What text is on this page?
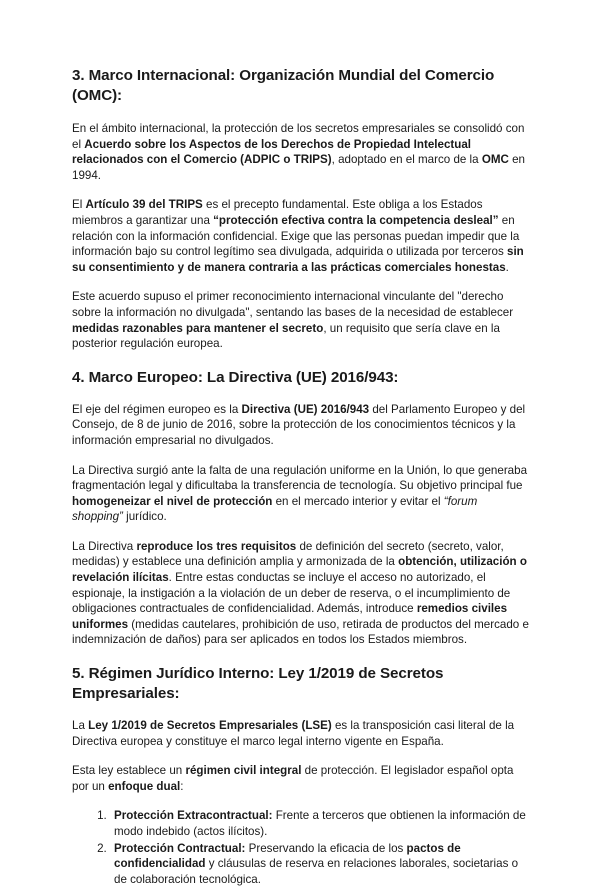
3. Marco Internacional: Organización Mundial del Comercio (OMC):

En el ámbito internacional, la protección de los secretos empresariales se consolidó con el Acuerdo sobre los Aspectos de los Derechos de Propiedad Intelectual relacionados con el Comercio (ADPIC o TRIPS), adoptado en el marco de la OMC en 1994.

El Artículo 39 del TRIPS es el precepto fundamental. Este obliga a los Estados miembros a garantizar una “protección efectiva contra la competencia desleal” en relación con la información confidencial. Exige que las personas puedan impedir que la información bajo su control legítimo sea divulgada, adquirida o utilizada por terceros sin su consentimiento y de manera contraria a las prácticas comerciales honestas.

Este acuerdo supuso el primer reconocimiento internacional vinculante del "derecho sobre la información no divulgada", sentando las bases de la necesidad de establecer medidas razonables para mantener el secreto, un requisito que sería clave en la posterior regulación europea.

4. Marco Europeo: La Directiva (UE) 2016/943:

El eje del régimen europeo es la Directiva (UE) 2016/943 del Parlamento Europeo y del Consejo, de 8 de junio de 2016, sobre la protección de los conocimientos técnicos y la información empresarial no divulgados.

La Directiva surgió ante la falta de una regulación uniforme en la Unión, lo que generaba fragmentación legal y dificultaba la transferencia de tecnología. Su objetivo principal fue homogeneizar el nivel de protección en el mercado interior y evitar el “forum shopping” jurídico.

La Directiva reproduce los tres requisitos de definición del secreto (secreto, valor, medidas) y establece una definición amplia y armonizada de la obtención, utilización o revelación ilícitas. Entre estas conductas se incluye el acceso no autorizado, el espionaje, la instigación a la violación de un deber de reserva, o el incumplimiento de obligaciones contractuales de confidencialidad. Además, introduce remedios civiles uniformes (medidas cautelares, prohibición de uso, retirada de productos del mercado e indemnización de daños) para ser aplicados en todos los Estados miembros.

5. Régimen Jurídico Interno: Ley 1/2019 de Secretos Empresariales:

La Ley 1/2019 de Secretos Empresariales (LSE) es la transposición casi literal de la Directiva europea y constituye el marco legal interno vigente en España.

Esta ley establece un régimen civil integral de protección. El legislador español opta por un enfoque dual:

1. Protección Extracontractual: Frente a terceros que obtienen la información de modo indebido (actos ilícitos).
2. Protección Contractual: Preservando la eficacia de los pactos de confidencialidad y cláusulas de reserva en relaciones laborales, societarias o de colaboración tecnológica.
